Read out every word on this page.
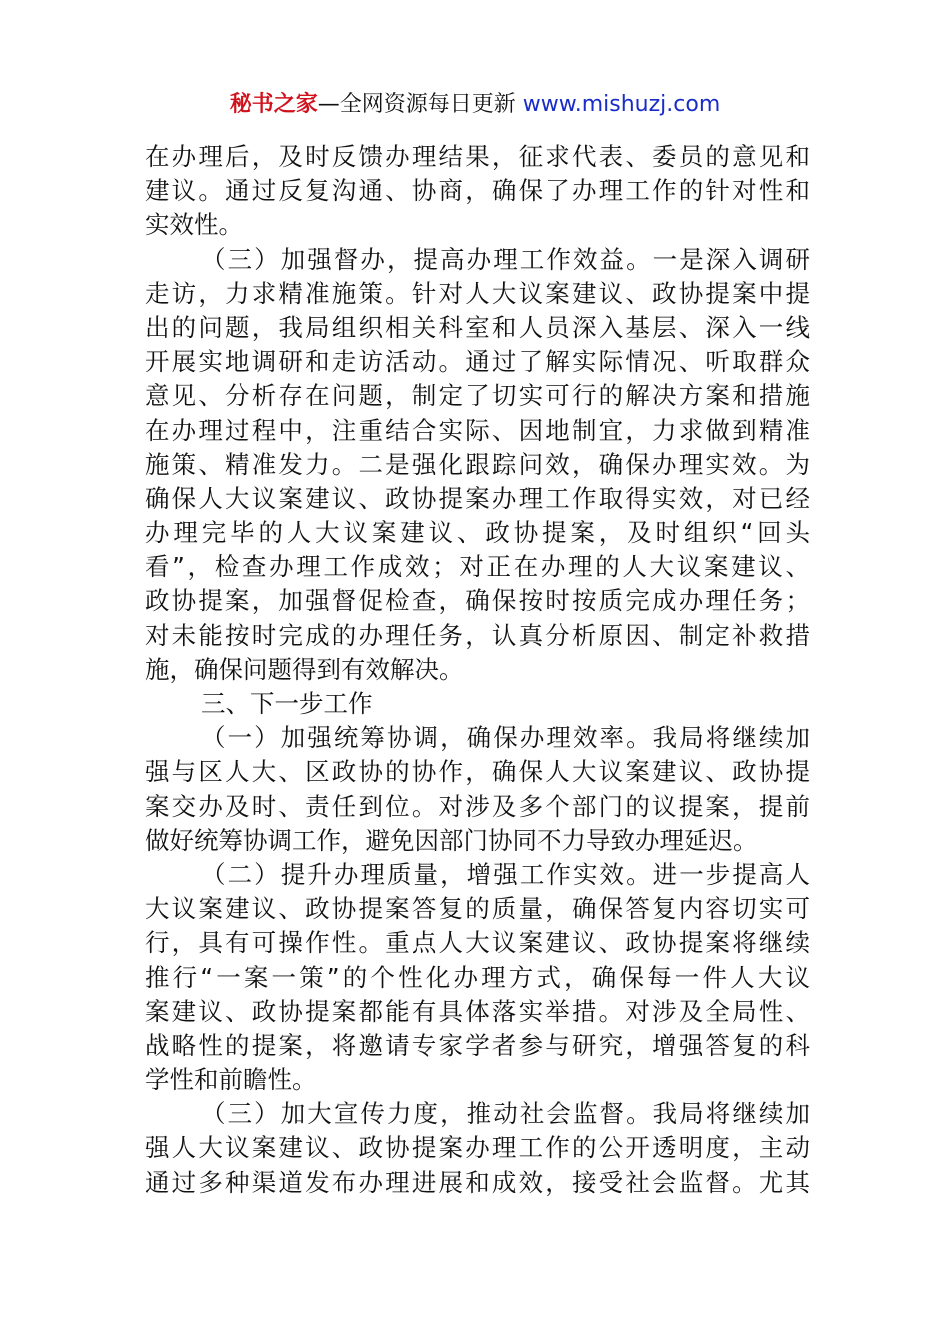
秘书之家—全网资源每日更新 www.mishuzj.com
在办理后，及时反馈办理结果，征求代表、委员的意见和
建议。通过反复沟通、协商，确保了办理工作的针对性和
实效性。
（三）加强督办，提高办理工作效益。一是深入调研
走访，力求精准施策。针对人大议案建议、政协提案中提
出的问题，我局组织相关科室和人员深入基层、深入一线
开展实地调研和走访活动。通过了解实际情况、听取群众
意见、分析存在问题，制定了切实可行的解决方案和措施
在办理过程中，注重结合实际、因地制宜，力求做到精准
施策、精准发力。二是强化跟踪问效，确保办理实效。为
确保人大议案建议、政协提案办理工作取得实效，对已经
办理完毕的人大议案建议、政协提案，及时组织“回头
看”，检查办理工作成效；对正在办理的人大议案建议、
政协提案，加强督促检查，确保按时按质完成办理任务；
对未能按时完成的办理任务，认真分析原因、制定补救措
施，确保问题得到有效解决。
三、下一步工作
（一）加强统筹协调，确保办理效率。我局将继续加
强与区人大、区政协的协作，确保人大议案建议、政协提
案交办及时、责任到位。对涉及多个部门的议提案，提前
做好统筹协调工作，避免因部门协同不力导致办理延迟。
（二）提升办理质量，增强工作实效。进一步提高人
大议案建议、政协提案答复的质量，确保答复内容切实可
行，具有可操作性。重点人大议案建议、政协提案将继续
推行“一案一策”的个性化办理方式，确保每一件人大议
案建议、政协提案都能有具体落实举措。对涉及全局性、
战略性的提案，将邀请专家学者参与研究，增强答复的科
学性和前瞻性。
（三）加大宣传力度，推动社会监督。我局将继续加
强人大议案建议、政协提案办理工作的公开透明度，主动
通过多种渠道发布办理进展和成效，接受社会监督。尤其
